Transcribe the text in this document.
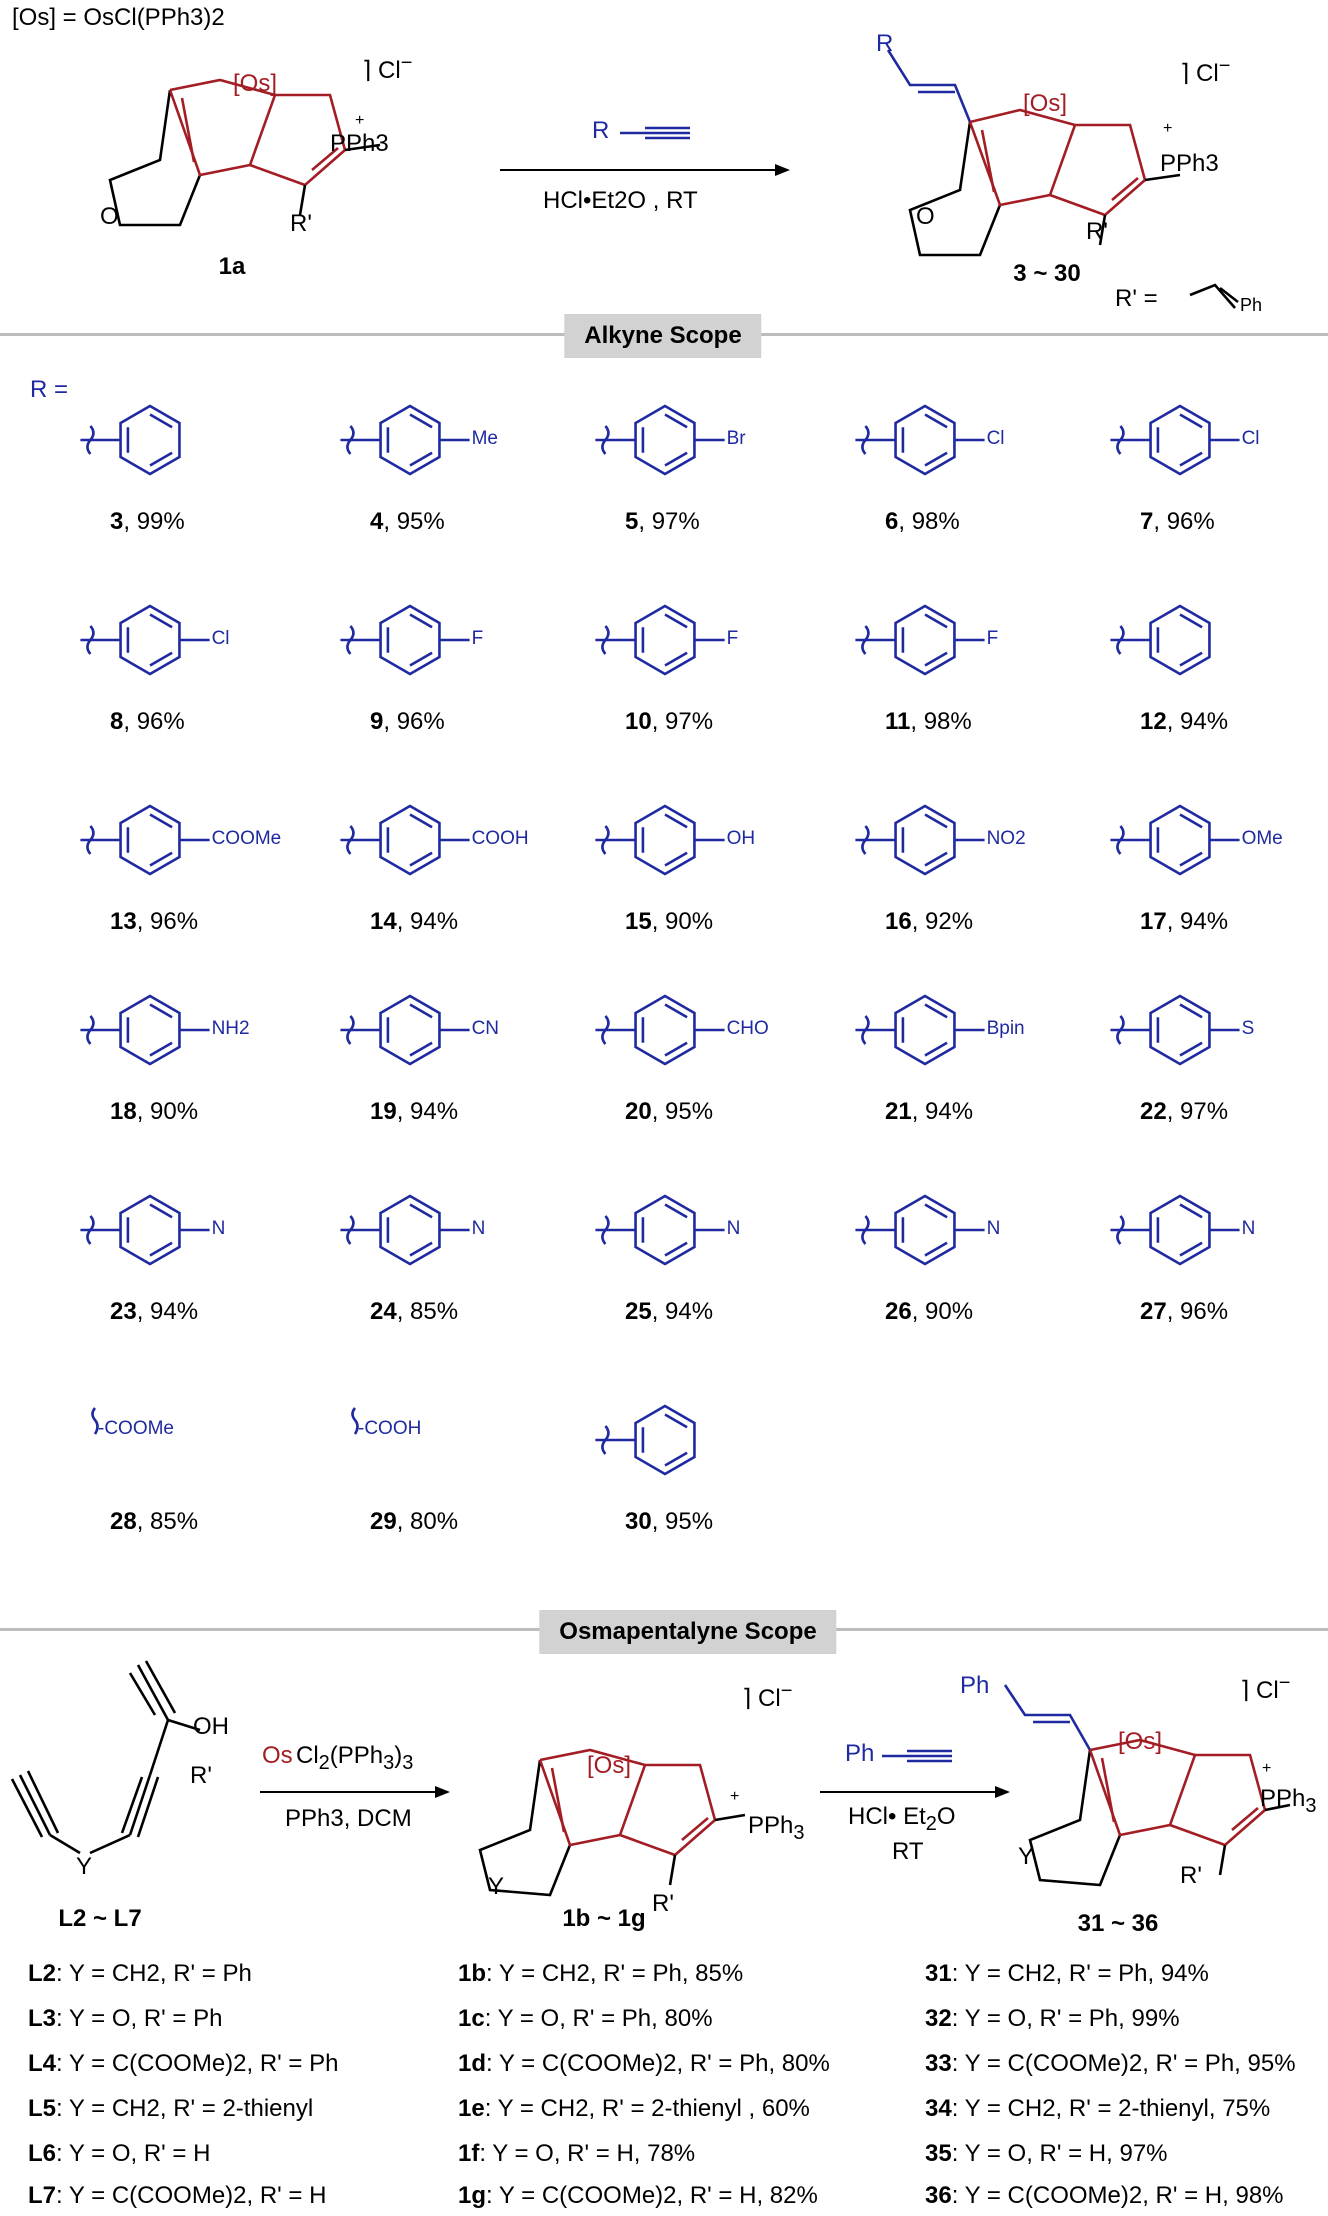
[Os] = OsCl(PPh3)2
[Os]
O
PPh3
+
R'
⌉ Cl−
1a
R
HCl•Et2O , RT
R
[Os]
O
PPh3
+
R'
⌉ Cl−
3 ~ 30
R' =	Ph
Alkyne Scope
R =
3, 99%
Me
4, 95%
Br
5, 97%
Cl
6, 98%
Cl
7, 96%
Cl
8, 96%
F
9, 96%
F
10, 97%
F
11, 98%	12, 94%
COOMe
13, 96%
COOH
14, 94%
OH
15, 90%
NO2
16, 92%
OMe
17, 94%
NH2
18, 90%
CN
19, 94%
CHO
20, 95%
Bpin
21, 94%
S
22, 97%
N
23, 94%
N
24, 85%
N
25, 94%
N
26, 90%
N
27, 96%
-COOMe
28, 85%
-COOH
29, 80%	30, 95%
Osmapentalyne Scope
OH
R'
Y
L2 ~ L7
Os $Cl_2(PPh_3)_3$
PPh3, DCM
[Os]
Y
PPh$_3$
+
R'
⌉ Cl−
1b ~ 1g
Ph
HCl• $Et_2O$
RT
Ph
[Os]
Y
PPh$_3$
+
R'
⌉ Cl−
31 ~ 36
L2: Y = CH2, R' = Ph
L3: Y = O, R' = Ph
L4: Y = C(COOMe)2, R' = Ph
L5: Y = CH2, R' = 2-thienyl
L6: Y = O, R' = H
L7: Y = C(COOMe)2, R' = H
1b: Y = CH2, R' = Ph, 85%
1c: Y = O, R' = Ph, 80%
1d: Y = C(COOMe)2, R' = Ph, 80%
1e: Y = CH2, R' = 2-thienyl , 60%
1f: Y = O, R' = H, 78%
1g: Y = C(COOMe)2, R' = H, 82%
31: Y = CH2, R' = Ph, 94%
32: Y = O, R' = Ph, 99%
33: Y = C(COOMe)2, R' = Ph, 95%
34: Y = CH2, R' = 2-thienyl, 75%
35: Y = O, R' = H, 97%
36: Y = C(COOMe)2, R' = H, 98%
